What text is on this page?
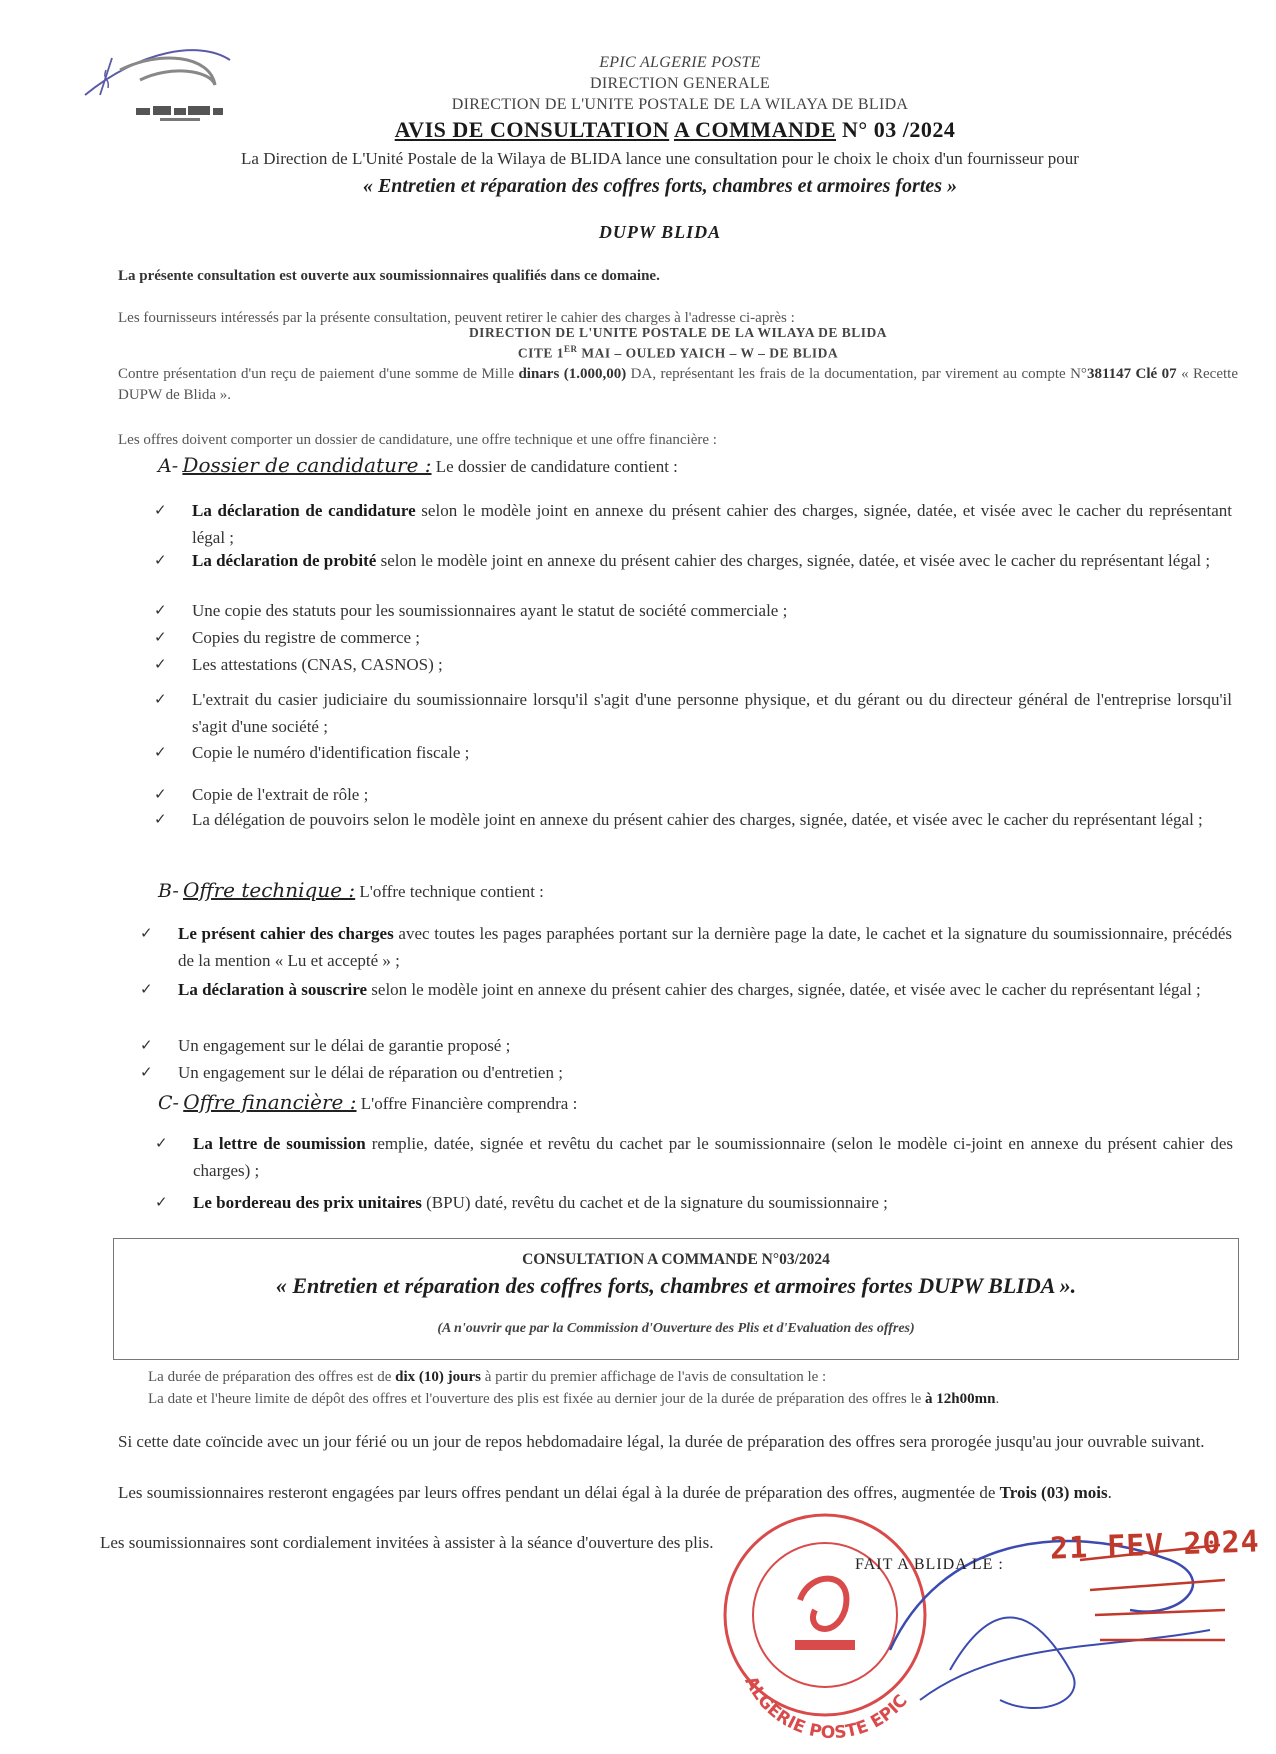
EPIC ALGERIE POSTE
DIRECTION GENERALE
DIRECTION DE L'UNITE POSTALE DE LA WILAYA DE BLIDA
AVIS DE CONSULTATION A COMMANDE N° 03 /2024
La Direction de L'Unité Postale de la Wilaya de BLIDA lance une consultation pour le choix le choix d'un fournisseur pour
« Entretien et réparation des coffres forts, chambres et armoires fortes »
DUPW BLIDA
La présente consultation est ouverte aux soumissionnaires qualifiés dans ce domaine.
Les fournisseurs intéressés par la présente consultation, peuvent retirer le cahier des charges à l'adresse ci-après :
DIRECTION DE L'UNITE POSTALE DE LA WILAYA DE BLIDA
CITE 1ER MAI – OULED YAICH – W – DE BLIDA
Contre présentation d'un reçu de paiement d'une somme de Mille dinars (1.000,00) DA, représentant les frais de la documentation, par virement au compte N°381147 Clé 07 « Recette DUPW de Blida ».
Les offres doivent comporter un dossier de candidature, une offre technique et une offre financière :
A- Dossier de candidature : Le dossier de candidature contient :
✓ La déclaration de candidature selon le modèle joint en annexe du présent cahier des charges, signée, datée, et visée avec le cacher du représentant légal ;
✓ La déclaration de probité selon le modèle joint en annexe du présent cahier des charges, signée, datée, et visée avec le cacher du représentant légal ;
✓ Une copie des statuts pour les soumissionnaires ayant le statut de société commerciale ;
✓ Copies du registre de commerce ;
✓ Les attestations (CNAS, CASNOS) ;
✓ L'extrait du casier judiciaire du soumissionnaire lorsqu'il s'agit d'une personne physique, et du gérant ou du directeur général de l'entreprise lorsqu'il s'agit d'une société ;
✓ Copie le numéro d'identification fiscale ;
✓ Copie de l'extrait de rôle ;
✓ La délégation de pouvoirs selon le modèle joint en annexe du présent cahier des charges, signée, datée, et visée avec le cacher du représentant légal ;
B- Offre technique : L'offre technique contient :
✓ Le présent cahier des charges avec toutes les pages paraphées portant sur la dernière page la date, le cachet et la signature du soumissionnaire, précédés de la mention « Lu et accepté » ;
✓ La déclaration à souscrire selon le modèle joint en annexe du présent cahier des charges, signée, datée, et visée avec le cacher du représentant légal ;
✓ Un engagement sur le délai de garantie proposé ;
✓ Un engagement sur le délai de réparation ou d'entretien ;
C- Offre financière : L'offre Financière comprendra :
✓ La lettre de soumission remplie, datée, signée et revêtu du cachet par le soumissionnaire (selon le modèle ci-joint en annexe du présent cahier des charges) ;
✓ Le bordereau des prix unitaires (BPU) daté, revêtu du cachet et de la signature du soumissionnaire ;
CONSULTATION A COMMANDE N°03/2024
« Entretien et réparation des coffres forts, chambres et armoires fortes DUPW BLIDA ».
(A n'ouvrir que par la Commission d'Ouverture des Plis et d'Evaluation des offres)
La durée de préparation des offres est de dix (10) jours à partir du premier affichage de l'avis de consultation le :
La date et l'heure limite de dépôt des offres et l'ouverture des plis est fixée au dernier jour de la durée de préparation des offres le à 12h00mn.
Si cette date coïncide avec un jour férié ou un jour de repos hebdomadaire légal, la durée de préparation des offres sera prorogée jusqu'au jour ouvrable suivant.
Les soumissionnaires resteront engagées par leurs offres pendant un délai égal à la durée de préparation des offres, augmentée de Trois (03) mois.
Les soumissionnaires sont cordialement invitées à assister à la séance d'ouverture des plis.
ALGERIE POSTE EPIC
FAIT A BLIDA LE : 21 FEV 2024
